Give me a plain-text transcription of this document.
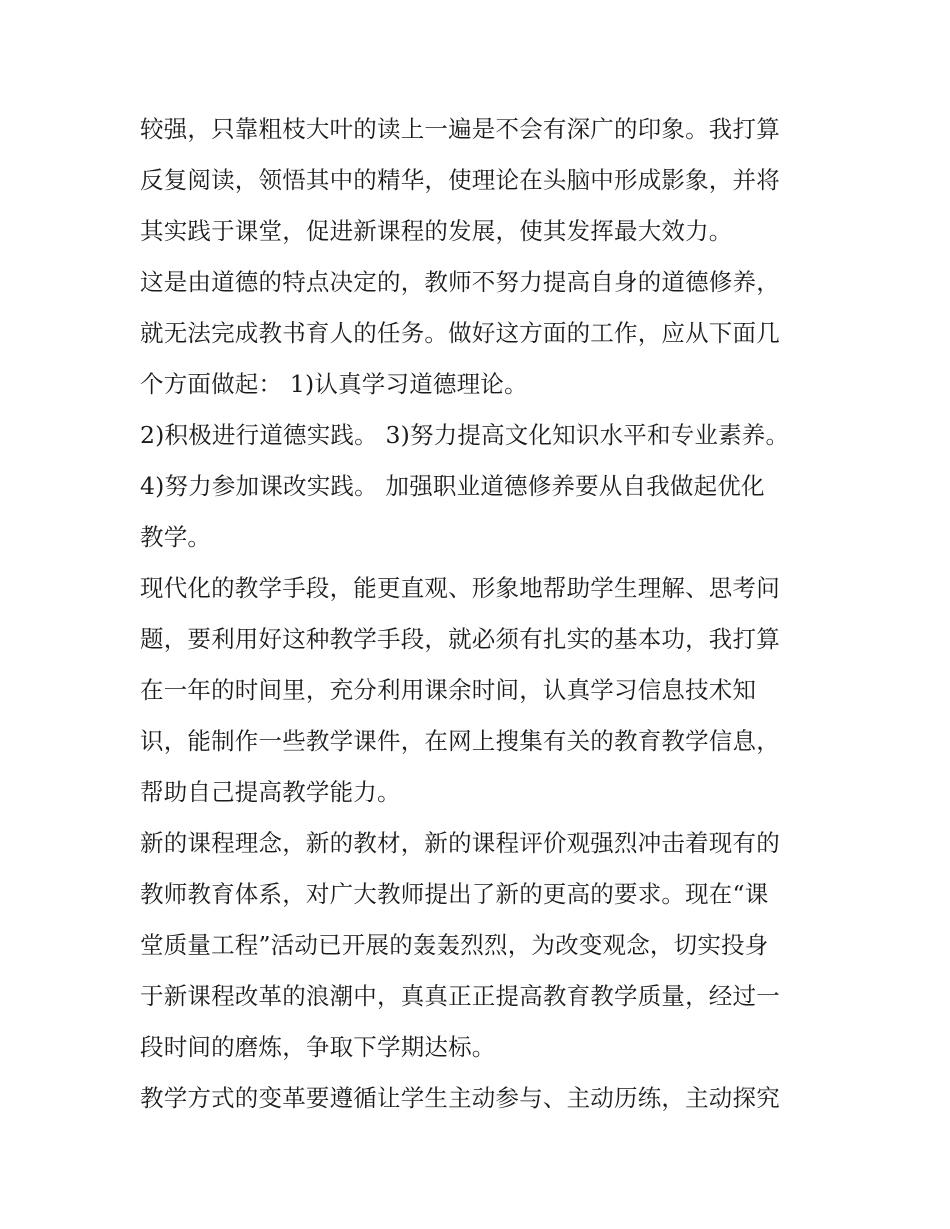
较强，只靠粗枝大叶的读上一遍是不会有深广的印象。我打算
反复阅读，领悟其中的精华，使理论在头脑中形成影象，并将
其实践于课堂，促进新课程的发展，使其发挥最大效力。
这是由道德的特点决定的，教师不努力提高自身的道德修养，
就无法完成教书育人的任务。做好这方面的工作，应从下面几
个方面做起： 1)认真学习道德理论。
2)积极进行道德实践。 3)努力提高文化知识水平和专业素养。
4)努力参加课改实践。 加强职业道德修养要从自我做起优化
教学。
现代化的教学手段，能更直观、形象地帮助学生理解、思考问
题，要利用好这种教学手段，就必须有扎实的基本功，我打算
在一年的时间里，充分利用课余时间，认真学习信息技术知
识，能制作一些教学课件，在网上搜集有关的教育教学信息，
帮助自己提高教学能力。
新的课程理念，新的教材，新的课程评价观强烈冲击着现有的
教师教育体系，对广大教师提出了新的更高的要求。现在“课
堂质量工程”活动已开展的轰轰烈烈，为改变观念，切实投身
于新课程改革的浪潮中，真真正正提高教育教学质量，经过一
段时间的磨炼，争取下学期达标。
教学方式的变革要遵循让学生主动参与、主动历练，主动探究
